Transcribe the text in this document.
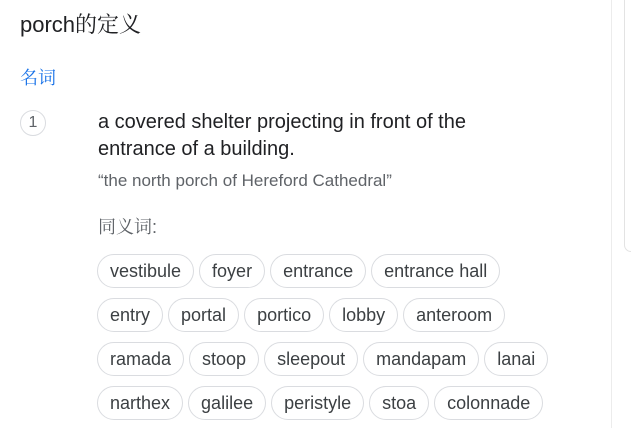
porch的定义
名词
1	a covered shelter projecting in front of the entrance of a building.
“the north porch of Hereford Cathedral”
同义词:
vestibule	foyer	entrance	entrance hall
entry	portal	portico	lobby	anteroom
ramada	stoop	sleepout	mandapam	lanai
narthex	galilee	peristyle	stoa	colonnade
